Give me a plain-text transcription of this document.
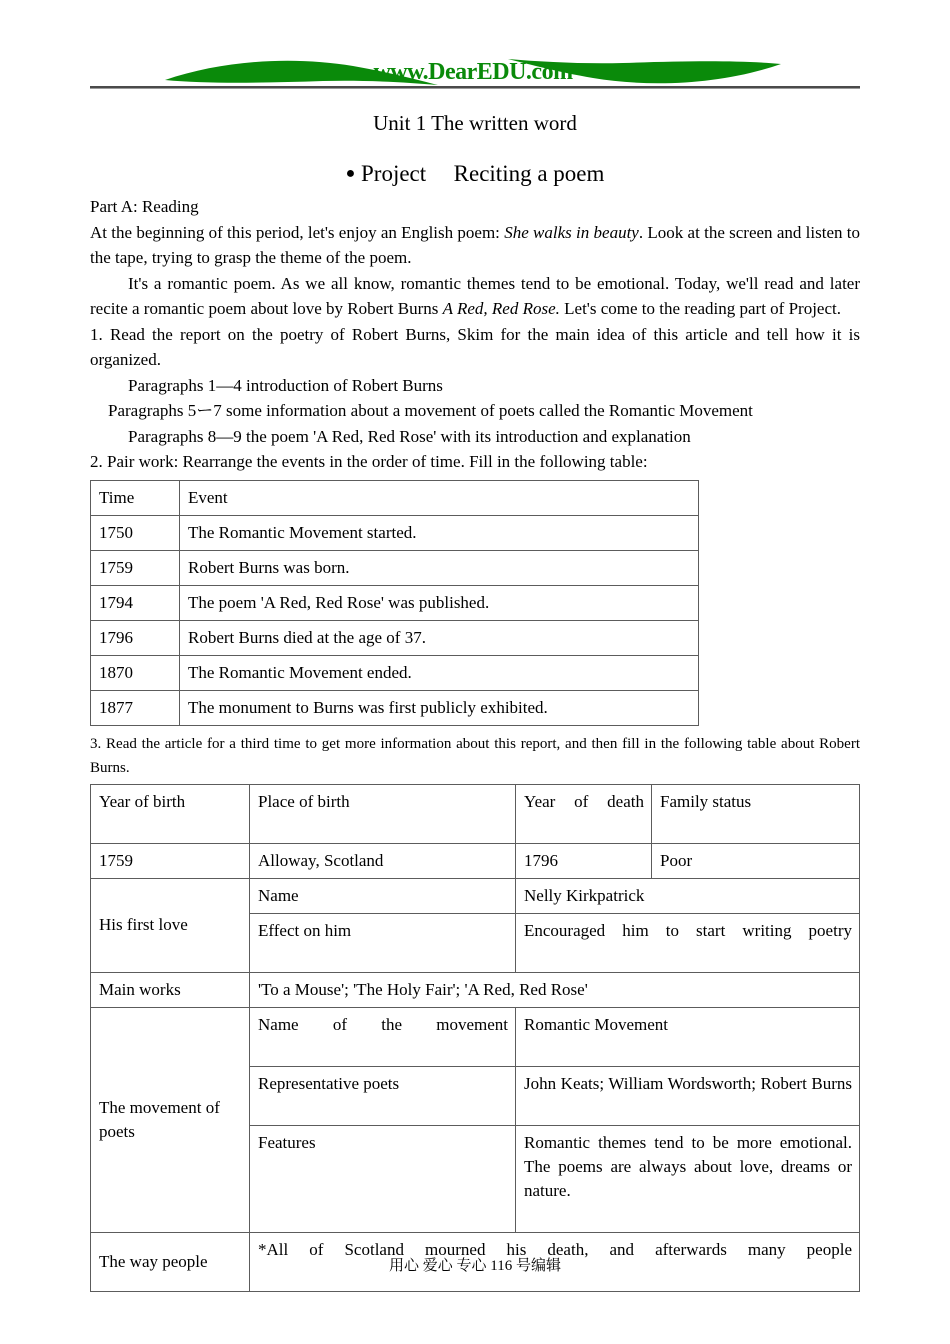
www.DearEDU.com
Unit 1 The written word
● Project Reciting a poem

Part A: Reading

At the beginning of this period, let's enjoy an English poem: She walks in beauty. Look at the screen and listen to the tape, trying to grasp the theme of the poem.

It's a romantic poem. As we all know, romantic themes tend to be emotional. Today, we'll read and later recite a romantic poem about love by Robert Burns A Red, Red Rose. Let's come to the reading part of Project.

1. Read the report on the poetry of Robert Burns, Skim for the main idea of this article and tell how it is organized.

Paragraphs 1—4 introduction of Robert Burns

Paragraphs 5ー7 some information about a movement of poets called the Romantic Movement

Paragraphs 8—9 the poem 'A Red, Red Rose' with its introduction and explanation

2. Pair work: Rearrange the events in the order of time. Fill in the following table:

Time	Event
1750	The Romantic Movement started.
1759	Robert Burns was born.
1794	The poem 'A Red, Red Rose' was published.
1796	Robert Burns died at the age of 37.
1870	The Romantic Movement ended.
1877	The monument to Burns was first publicly exhibited.

3. Read the article for a third time to get more information about this report, and then fill in the following table about Robert Burns.

Year of birth	Place of birth	Year of death	Family status
1759	Alloway, Scotland	1796	Poor
His first love	Name	Nelly Kirkpatrick	
	Effect on him	Encouraged him to start writing poetry	
Main works	'To a Mouse'; 'The Holy Fair'; 'A Red, Red Rose'		
The movement of poets	Name of the movement	Romantic Movement	
	Representative poets	John Keats; William Wordsworth; Robert Burns	
	Features	Romantic themes tend to be more emotional. The poems are always about love, dreams or nature.	
The way people	*All of Scotland mourned his death, and afterwards many people		
用心 爱心 专心 116 号编辑
